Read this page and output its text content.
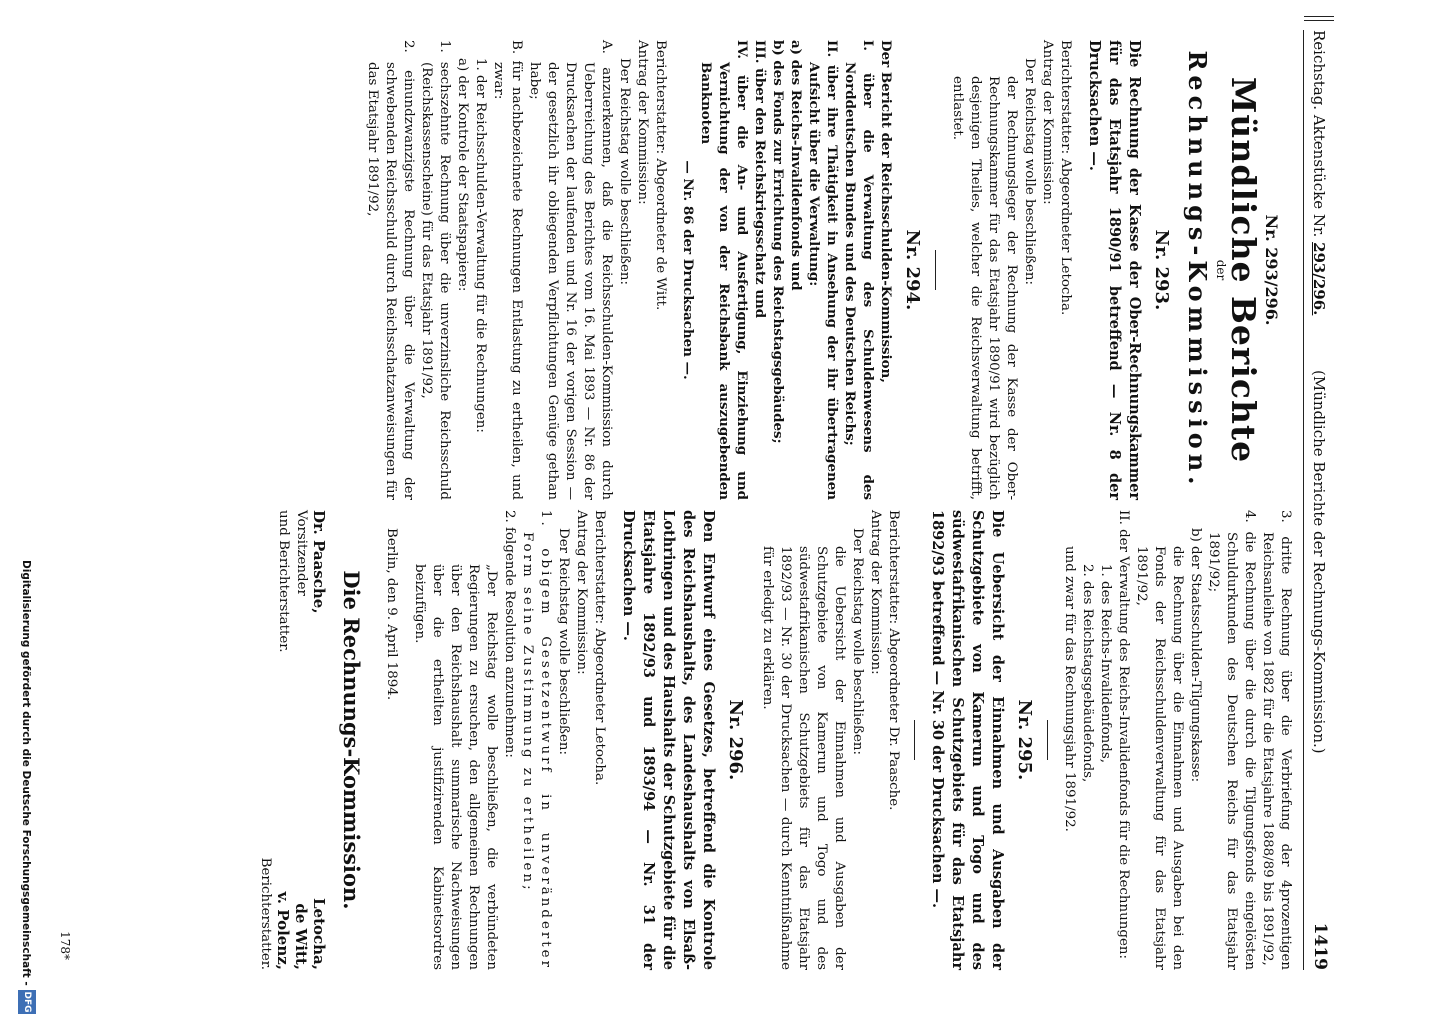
Reichstag. Aktenstücke Nr. 293/296.
(Mündliche Berichte der Rechnungs-Kommission.)
1419
Nr. 293/296.
Mündliche Berichte
der
Rechnungs-Kommission.
Nr. 293.
Die Rechnung der Kasse der Ober-Rechnungskammer für das Etatsjahr 1890/91 betreffend — Nr. 8 der Drucksachen —.
Berichterstatter: Abgeordneter Letocha.
Antrag der Kommission:
Der Reichstag wolle beschließen:
der Rechnungsleger der Rechnung der Kasse der Ober-Rechnungskammer für das Etatsjahr 1890/91 wird bezüglich desjenigen Theiles, welcher die Reichsverwaltung betrifft, entlastet.
Nr. 294.
Der Bericht der Reichsschulden-Kommission,
I. über die Verwaltung des Schuldenwesens des Norddeutschen Bundes und des Deutschen Reichs;
II. über ihre Thätigkeit in Ansehung der ihr übertragenen Aufsicht über die Verwaltung:
a) des Reichs-Invalidenfonds und
b) des Fonds zur Errichtung des Reichstagsgebäudes;
III. über den Reichskriegsschatz und
IV. über die An- und Ausfertigung, Einziehung und Vernichtung der von der Reichsbank auszugebenden Banknoten
— Nr. 86 der Drucksachen —.
Berichterstatter: Abgeordneter de Witt.
Antrag der Kommission:
Der Reichstag wolle beschließen:
A. anzuerkennen, daß die Reichsschulden-Kommission durch Ueberreichung des Berichtes vom 16. Mai 1893 — Nr. 86 der Drucksachen der laufenden und Nr. 16 der vorigen Session — der gesetzlich ihr obliegenden Verpflichtungen Genüge gethan habe;
B. für nachbezeichnete Rechnungen Entlastung zu ertheilen, und zwar:
1. der Reichsschulden-Verwaltung für die Rechnungen:
a) der Kontrole der Staatspapiere:
1. sechszehnte Rechnung über die unverzinsliche Reichsschuld (Reichskassenscheine) für das Etatsjahr 1891/92,
2. einundzwanzigste Rechnung über die Verwaltung der schwebenden Reichsschuld durch Reichsschatzanweisungen für das Etatsjahr 1891/92,
3. dritte Rechnung über die Verbriefung der 4prozentigen Reichsanleihe von 1882 für die Etatsjahre 1888/89 bis 1891/92,
4. die Rechnung über die durch die Tilgungsfonds eingelösten Schuldurkunden des Deutschen Reichs für das Etatsjahr 1891/92;
b) der Staatsschulden-Tilgungskasse:
die Rechnung über die Einnahmen und Ausgaben bei den Fonds der Reichsschuldenverwaltung für das Etatsjahr 1891/92,
II. der Verwaltung des Reichs-Invalidenfonds für die Rechnungen:
1. des Reichs-Invalidenfonds,
2. des Reichstagsgebäudefonds,
und zwar für das Rechnungsjahr 1891/92.
Nr. 295.
Die Uebersicht der Einnahmen und Ausgaben der Schutzgebiete von Kamerun und Togo und des südwestafrikanischen Schutzgebiets für das Etatsjahr 1892/93 betreffend — Nr. 30 der Drucksachen —.
Berichterstatter: Abgeordneter Dr. Paasche.
Antrag der Kommission:
Der Reichstag wolle beschließen:
die Uebersicht der Einnahmen und Ausgaben der Schutzgebiete von Kamerun und Togo und des südwestafrikanischen Schutzgebiets für das Etatsjahr 1892/93 — Nr. 30 der Drucksachen — durch Kenntnißnahme für erledigt zu erklären.
Nr. 296.
Den Entwurf eines Gesetzes, betreffend die Kontrole des Reichshaushalts, des Landeshaushalts von Elsaß-Lothringen und des Haushalts der Schutzgebiete für die Etatsjahre 1892/93 und 1893/94 — Nr. 31 der Drucksachen —.
Berichterstatter: Abgeordneter Letocha.
Antrag der Kommission:
Der Reichstag wolle beschließen:
1. obigem Gesetzentwurf in unveränderter Form seine Zustimmung zu ertheilen;
2. folgende Resolution anzunehmen:
„Der Reichstag wolle beschließen, die verbündeten Regierungen zu ersuchen, den allgemeinen Rechnungen über den Reichshaushalt summarische Nachweisungen über die ertheilten justifizirenden Kabinetsordres beizufügen.
Berlin, den 9. April 1894.
Die Rechnungs-Kommission.
Dr. Paasche,
Vorsitzender
und Berichterstatter.
Letocha,
de Witt,
v. Polenz,
Berichterstatter.
178*
Digitalisierung gefördert durch die Deutsche Forschungsgemeinschaft -
DFG
